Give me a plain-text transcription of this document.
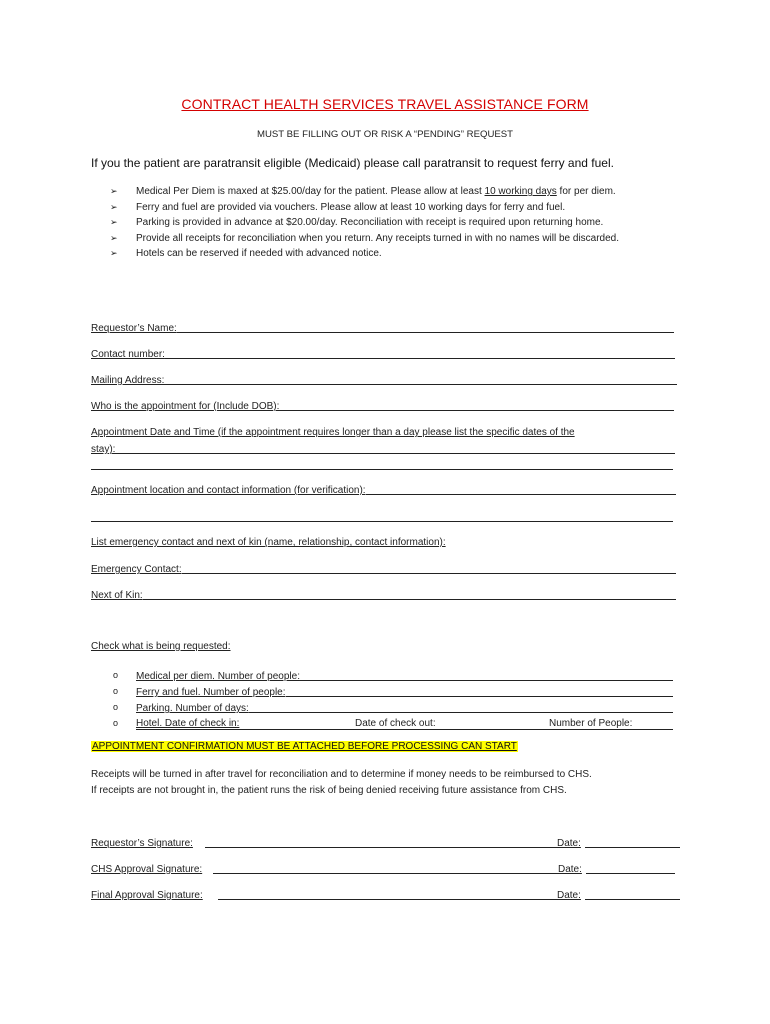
CONTRACT HEALTH SERVICES TRAVEL ASSISTANCE FORM
MUST BE FILLING OUT OR RISK A “PENDING” REQUEST
If you the patient are paratransit eligible (Medicaid) please call paratransit to request ferry and fuel.
➢ Medical Per Diem is maxed at $25.00/day for the patient. Please allow at least 10 working days for per diem.
➢ Ferry and fuel are provided via vouchers. Please allow at least 10 working days for ferry and fuel.
➢ Parking is provided in advance at $20.00/day. Reconciliation with receipt is required upon returning home.
➢ Provide all receipts for reconciliation when you return. Any receipts turned in with no names will be discarded.
➢ Hotels can be reserved if needed with advanced notice.
Requestor’s Name:
Contact number:
Mailing Address:
Who is the appointment for (Include DOB):
Appointment Date and Time (if the appointment requires longer than a day please list the specific dates of the
stay):
Appointment location and contact information (for verification):
List emergency contact and next of kin (name, relationship, contact information):
Emergency Contact:
Next of Kin:
Check what is being requested:
o Medical per diem. Number of people:
o Ferry and fuel. Number of people:
o Parking. Number of days:
o Hotel. Date of check in:	Date of check out:	Number of People:
APPOINTMENT CONFIRMATION MUST BE ATTACHED BEFORE PROCESSING CAN START
Receipts will be turned in after travel for reconciliation and to determine if money needs to be reimbursed to CHS.
If receipts are not brought in, the patient runs the risk of being denied receiving future assistance from CHS.
Requestor’s Signature:	Date:
CHS Approval Signature:	Date:
Final Approval Signature:	Date:
